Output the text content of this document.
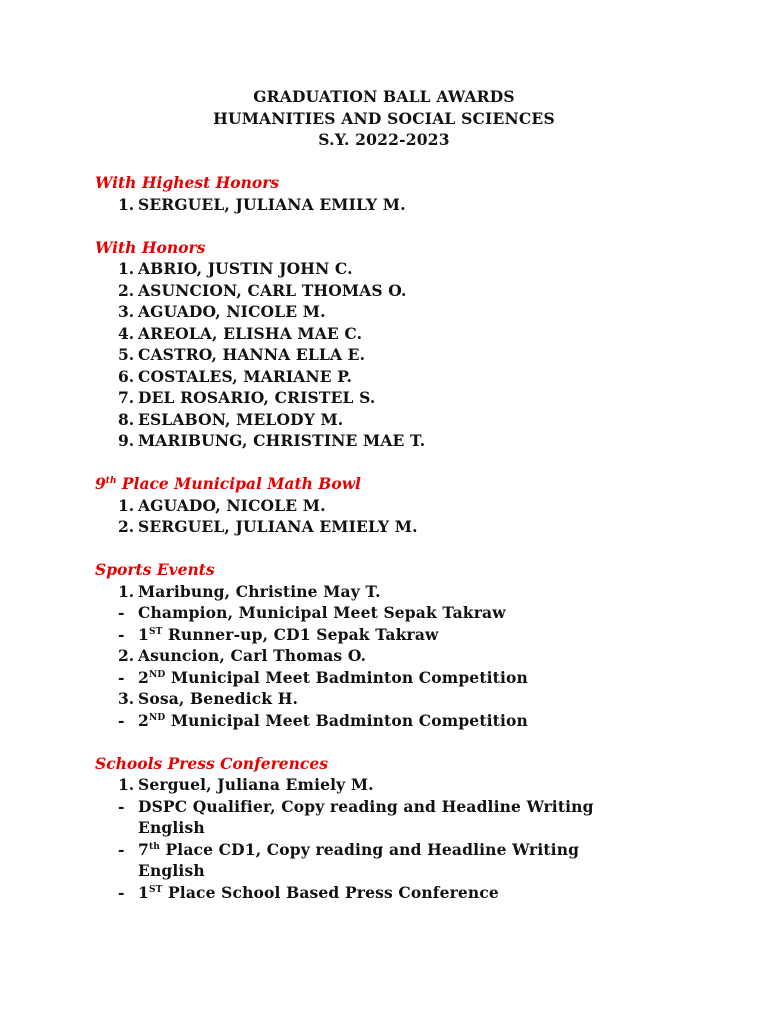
GRADUATION BALL AWARDS
HUMANITIES AND SOCIAL SCIENCES
S.Y. 2022-2023
With Highest Honors
1. SERGUEL, JULIANA EMILY M.
With Honors
1. ABRIO, JUSTIN JOHN C.
2. ASUNCION, CARL THOMAS O.
3. AGUADO, NICOLE M.
4. AREOLA, ELISHA MAE C.
5. CASTRO, HANNA ELLA E.
6. COSTALES, MARIANE P.
7. DEL ROSARIO, CRISTEL S.
8. ESLABON, MELODY M.
9. MARIBUNG, CHRISTINE MAE T.
9th Place Municipal Math Bowl
1. AGUADO, NICOLE M.
2. SERGUEL, JULIANA EMIELY M.
Sports Events
1. Maribung, Christine May T.
- Champion, Municipal Meet Sepak Takraw
- 1ST Runner-up, CD1 Sepak Takraw
2. Asuncion, Carl Thomas O.
- 2ND Municipal Meet Badminton Competition
3. Sosa, Benedick H.
- 2ND Municipal Meet Badminton Competition
Schools Press Conferences
1. Serguel, Juliana Emiely M.
- DSPC Qualifier, Copy reading and Headline Writing English
- 7th Place CD1, Copy reading and Headline Writing English
- 1ST Place School Based Press Conference
